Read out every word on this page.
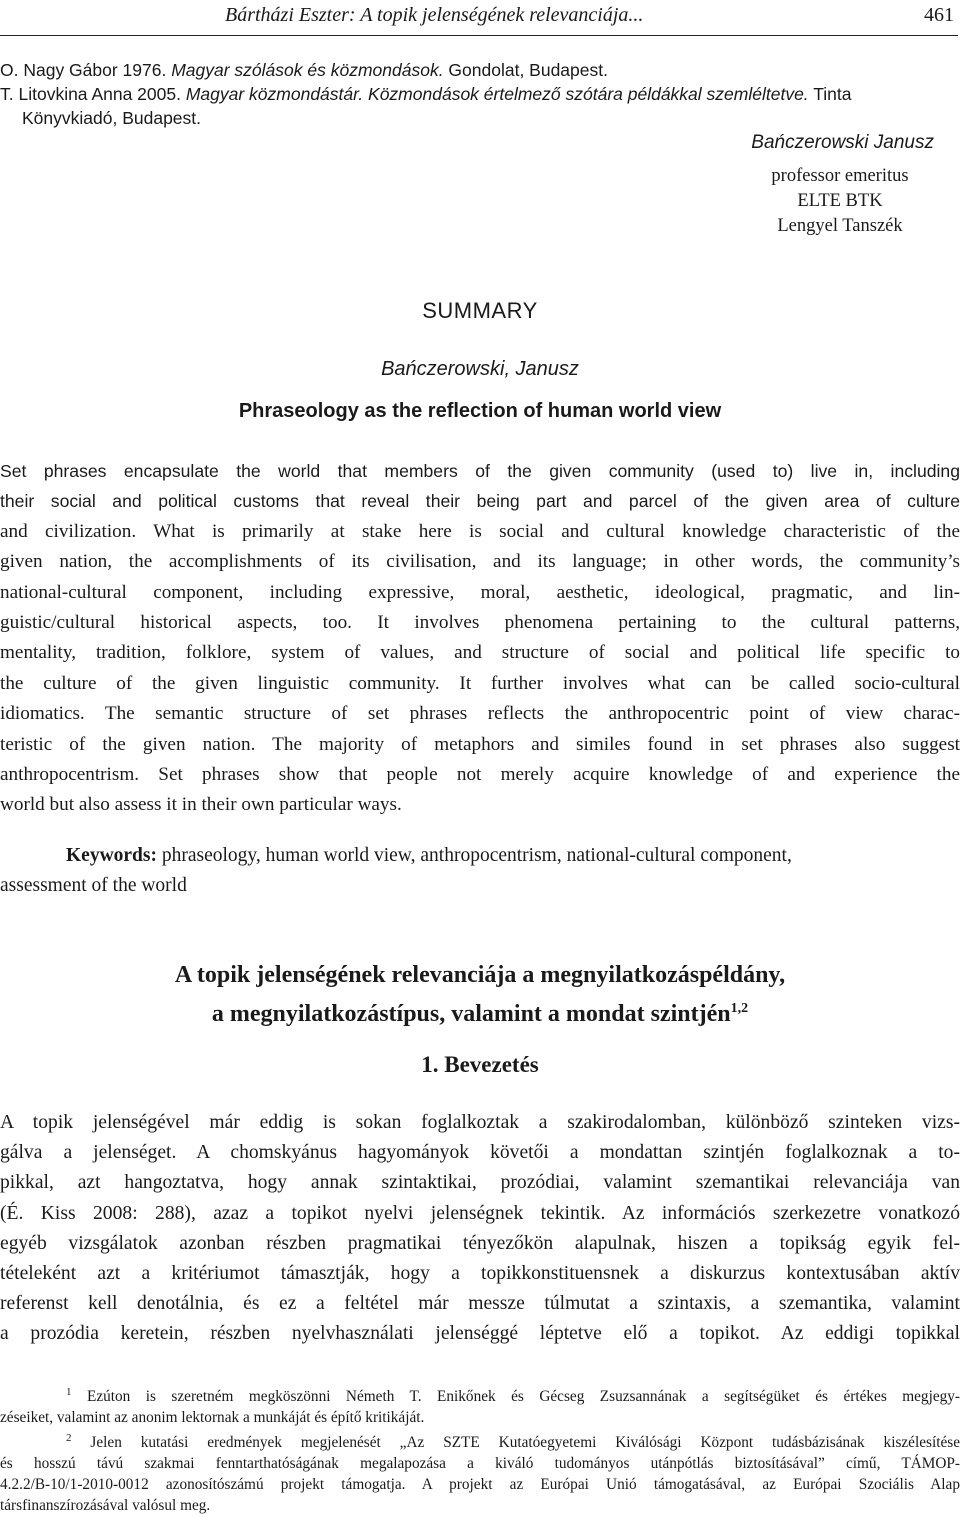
Bártházi Eszter: A topik jelenségének relevanciája...	461
O. Nagy Gábor 1976. Magyar szólások és közmondások. Gondolat, Budapest.
T. Litovkina Anna 2005. Magyar közmondástár. Közmondások értelmező szótára példákkal szemléltetve. Tinta
Könyvkiadó, Budapest.
Bańczerowski Janusz
professor emeritus
ELTE BTK
Lengyel Tanszék
SUMMARY
Bańczerowski, Janusz
Phraseology as the reflection of human world view
Set phrases encapsulate the world that members of the given community (used to) live in, including
their social and political customs that reveal their being part and parcel of the given area of culture
and civilization. What is primarily at stake here is social and cultural knowledge characteristic of the
given nation, the accomplishments of its civilisation, and its language; in other words, the community’s
national-cultural component, including expressive, moral, aesthetic, ideological, pragmatic, and lin-
guistic/cultural historical aspects, too. It involves phenomena pertaining to the cultural patterns,
mentality, tradition, folklore, system of values, and structure of social and political life specific to
the culture of the given linguistic community. It further involves what can be called socio-cultural
idiomatics. The semantic structure of set phrases reflects the anthropocentric point of view charac-
teristic of the given nation. The majority of metaphors and similes found in set phrases also suggest
anthropocentrism. Set phrases show that people not merely acquire knowledge of and experience the
world but also assess it in their own particular ways.
Keywords: phraseology, human world view, anthropocentrism, national-cultural component,
assessment of the world
A topik jelenségének relevanciája a megnyilatkozáspéldány,
a megnyilatkozástípus, valamint a mondat szintjén$^{1,2}$
1. Bevezetés
A topik jelenségével már eddig is sokan foglalkoztak a szakirodalomban, különböző szinteken vizs-
gálva a jelenséget. A chomskyánus hagyományok követői a mondattan szintjén foglalkoznak a to-
pikkal, azt hangoztatva, hogy annak szintaktikai, prozódiai, valamint szemantikai relevanciája van
(É. Kiss 2008: 288), azaz a topikot nyelvi jelenségnek tekintik. Az információs szerkezetre vonatkozó
egyéb vizsgálatok azonban részben pragmatikai tényezőkön alapulnak, hiszen a topikság egyik fel-
tételeként azt a kritériumot támasztják, hogy a topikkonstituensnek a diskurzus kontextusában aktív
referenst kell denotálnia, és ez a feltétel már messze túlmutat a szintaxis, a szemantika, valamint
a prozódia keretein, részben nyelvhasználati jelenséggé léptetve elő a topikot. Az eddigi topikkal
$^1$ Ezúton is szeretném megköszönni Németh T. Enikőnek és Gécseg Zsuzsannának a segítségüket és értékes megjegy-
zéseiket, valamint az anonim lektornak a munkáját és építő kritikáját.
$^2$ Jelen kutatási eredmények megjelenését „Az SZTE Kutatóegyetemi Kiválósági Központ tudásbázisának kiszélesítése
és hosszú távú szakmai fenntarthatóságának megalapozása a kiváló tudományos utánpótlás biztosításával” című, TÁMOP-
4.2.2/B-10/1-2010-0012 azonosítószámú projekt támogatja. A projekt az Európai Unió támogatásával, az Európai Szociális Alap
társfinanszírozásával valósul meg.
